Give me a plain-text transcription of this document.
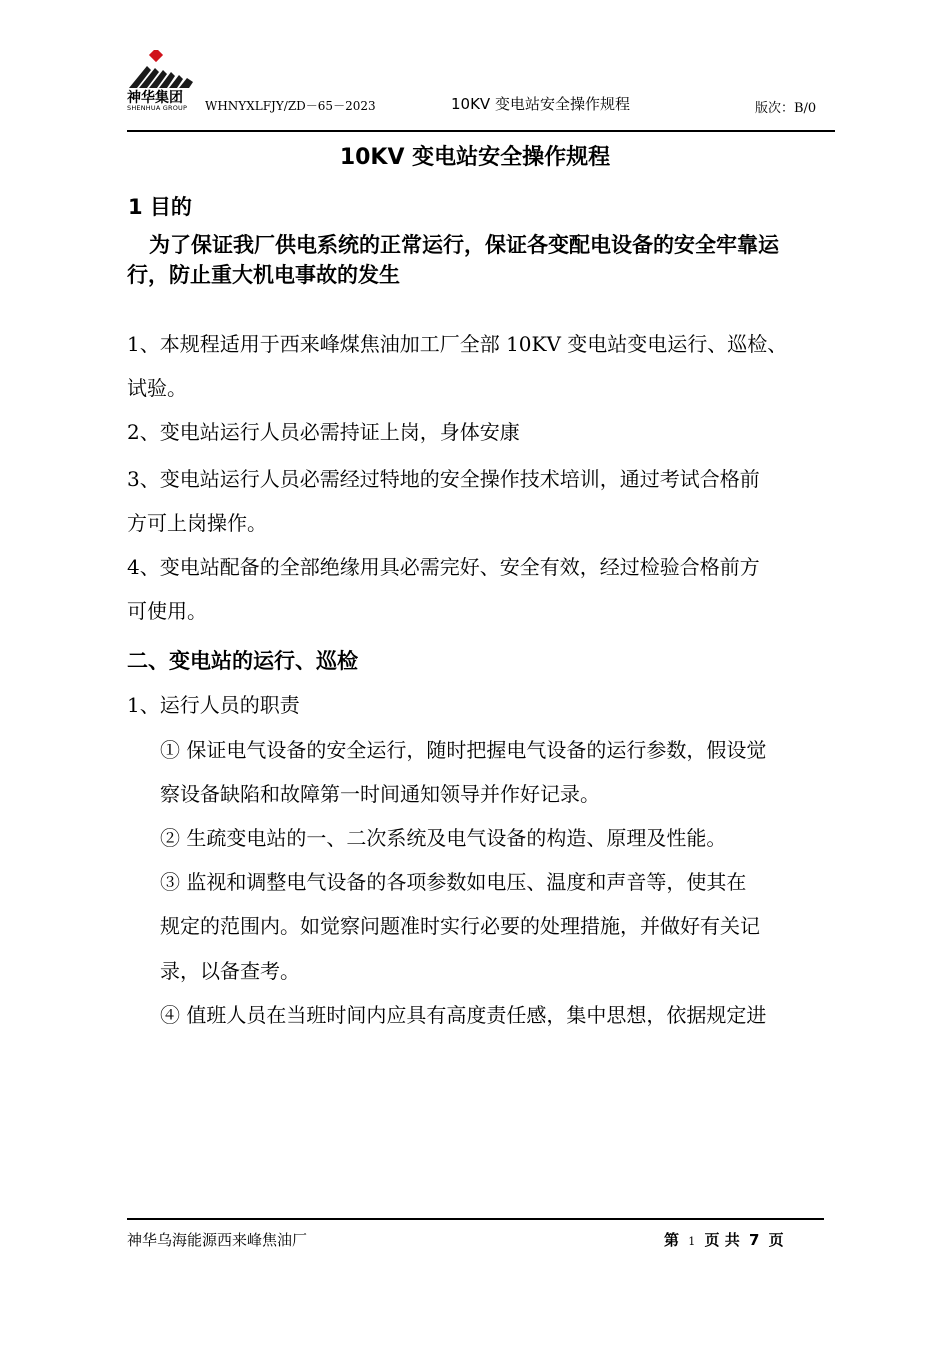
神华集团
SHENHUA GROUP WHNYXLFJY/ZD－65－2023	10KV 变电站安全操作规程	版次：B/0
10KV 变电站安全操作规程
1 目的
为了保证我厂供电系统的正常运行，保证各变配电设备的安全牢靠运
行，防止重大机电事故的发生
1、本规程适用于西来峰煤焦油加工厂全部 10KV 变电站变电运行、巡检、
试验。
2、变电站运行人员必需持证上岗，身体安康
3、变电站运行人员必需经过特地的安全操作技术培训，通过考试合格前
方可上岗操作。
4、变电站配备的全部绝缘用具必需完好、安全有效，经过检验合格前方
可使用。
二、变电站的运行、巡检
1、运行人员的职责
① 保证电气设备的安全运行，随时把握电气设备的运行参数，假设觉
察设备缺陷和故障第一时间通知领导并作好记录。
② 生疏变电站的一、二次系统及电气设备的构造、原理及性能。
③ 监视和调整电气设备的各项参数如电压、温度和声音等，使其在
规定的范围内。如觉察问题准时实行必要的处理措施，并做好有关记
录，以备查考。
④ 值班人员在当班时间内应具有高度责任感，集中思想，依据规定进
神华乌海能源西来峰焦油厂	第 1 页 共 7 页
